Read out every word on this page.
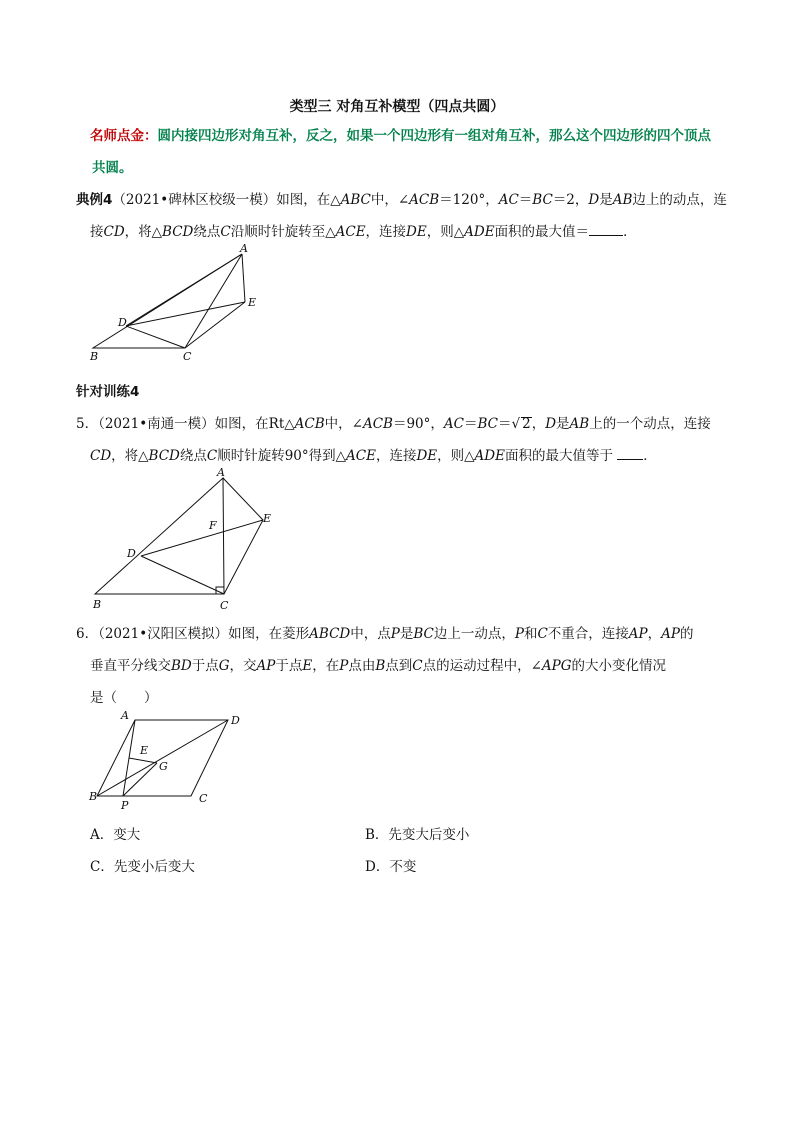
类型三 对角互补模型（四点共圆）
名师点金：圆内接四边形对角互补，反之，如果一个四边形有一组对角互补，那么这个四边形的四个顶点
共圆。
典例4（2021•碑林区校级一模）如图，在△ABC中，∠ACB＝120°，AC＝BC＝2，D是AB边上的动点，连
接CD，将△BCD绕点C沿顺时针旋转至△ACE，连接DE，则△ADE面积的最大值＝	．
A
B	C
D
E
针对训练4
5．（2021•南通一模）如图，在Rt△ACB中，∠ACB＝90°，AC＝BC＝√ 2，D是AB上的一个动点，连接
CD，将△BCD绕点C顺时针旋转90°得到△ACE，连接DE，则△ADE面积的最大值等于 ．
A
B	C
D
E
F
6．（2021•汉阳区模拟）如图，在菱形ABCD中，点P是BC边上一动点，P和C不重合，连接AP，AP的
垂直平分线交BD于点G，交AP于点E，在P点由B点到C点的运动过程中，∠APG的大小变化情况
是（　　）
A
B	C
D
E
G
P
A．变大	B．先变大后变小
C．先变小后变大	D．不变
